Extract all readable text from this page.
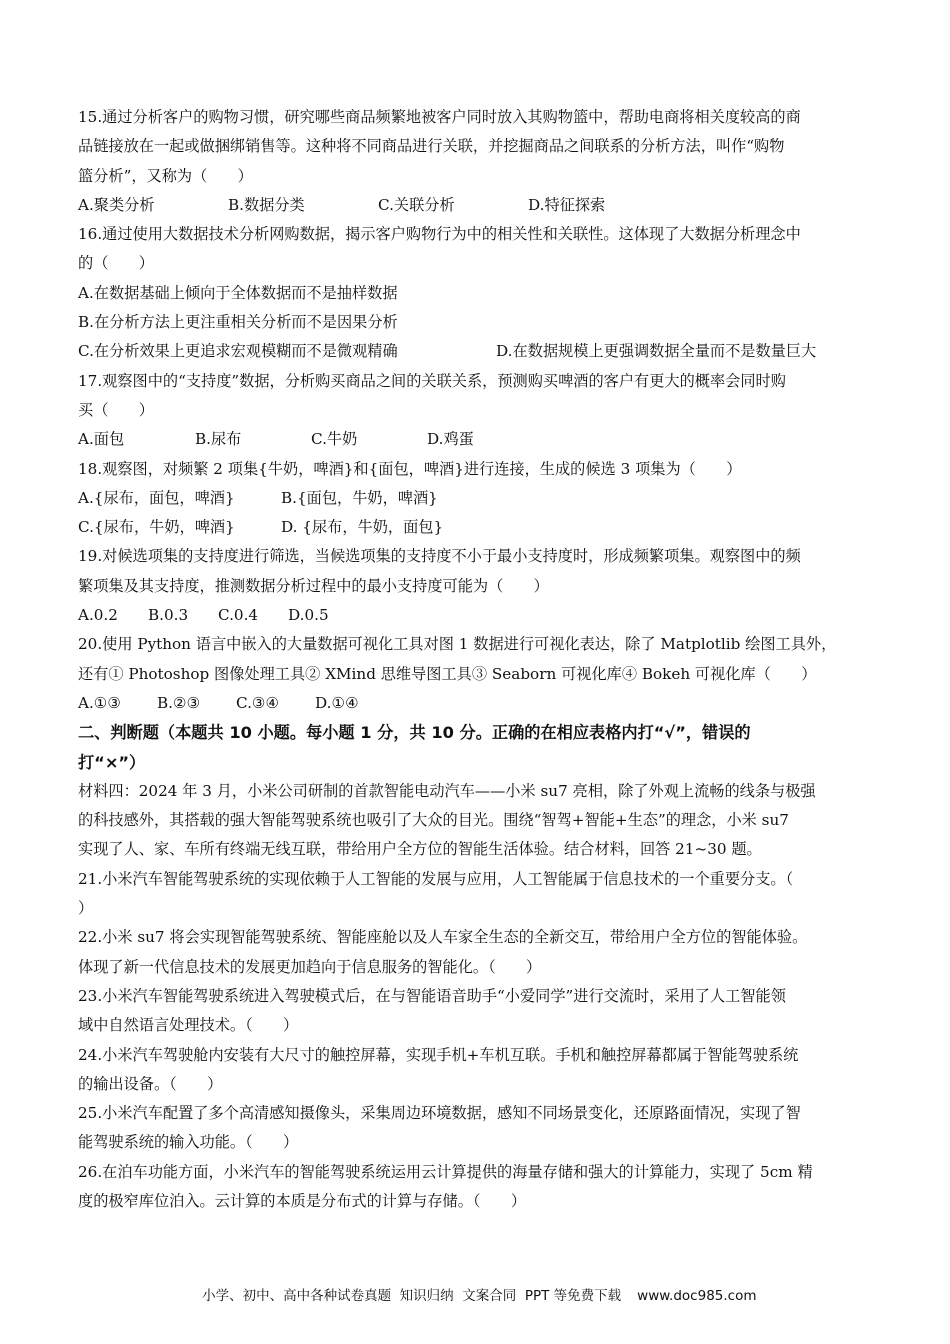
15.通过分析客户的购物习惯，研究哪些商品频繁地被客户同时放入其购物篮中，帮助电商将相关度较高的商
品链接放在一起或做捆绑销售等。这种将不同商品进行关联，并挖掘商品之间联系的分析方法，叫作“购物
篮分析”，又称为（　　）
A.聚类分析	B.数据分类	C.关联分析	D.特征探索
16.通过使用大数据技术分析网购数据，揭示客户购物行为中的相关性和关联性。这体现了大数据分析理念中
的（　　）
A.在数据基础上倾向于全体数据而不是抽样数据
B.在分析方法上更注重相关分析而不是因果分析
C.在分析效果上更追求宏观模糊而不是微观精确	D.在数据规模上更强调数据全量而不是数量巨大
17.观察图中的“支持度”数据，分析购买商品之间的关联关系，预测购买啤酒的客户有更大的概率会同时购
买（　　）
A.面包	B.尿布	C.牛奶	D.鸡蛋
18.观察图，对频繁 2 项集{牛奶，啤酒}和{面包，啤酒}进行连接，生成的候选 3 项集为（　　）
A.{尿布，面包，啤酒}	B.{面包，牛奶，啤酒}
C.{尿布，牛奶，啤酒}	D. {尿布，牛奶，面包}
19.对候选项集的支持度进行筛选，当候选项集的支持度不小于最小支持度时，形成频繁项集。观察图中的频
繁项集及其支持度，推测数据分析过程中的最小支持度可能为（　　）
A.0.2	B.0.3	C.0.4	D.0.5
20.使用 Python 语言中嵌入的大量数据可视化工具对图 1 数据进行可视化表达，除了 Matplotlib 绘图工具外，
还有① Photoshop 图像处理工具② XMind 思维导图工具③ Seaborn 可视化库④ Bokeh 可视化库（　　）
A.①③	B.②③	C.③④	D.①④
二、判断题（本题共 10 小题。每小题 1 分，共 10 分。正确的在相应表格内打“√”，错误的
打“×”）
材料四：2024 年 3 月，小米公司研制的首款智能电动汽车——小米 su7 亮相，除了外观上流畅的线条与极强
的科技感外，其搭载的强大智能驾驶系统也吸引了大众的目光。围绕“智驾+智能+生态”的理念，小米 su7
实现了人、家、车所有终端无线互联，带给用户全方位的智能生活体验。结合材料，回答 21~30 题。
21.小米汽车智能驾驶系统的实现依赖于人工智能的发展与应用，人工智能属于信息技术的一个重要分支。（
）
22.小米 su7 将会实现智能驾驶系统、智能座舱以及人车家全生态的全新交互，带给用户全方位的智能体验。
体现了新一代信息技术的发展更加趋向于信息服务的智能化。（　　）
23.小米汽车智能驾驶系统进入驾驶模式后，在与智能语音助手“小爱同学”进行交流时，采用了人工智能领
域中自然语言处理技术。（　　）
24.小米汽车驾驶舱内安装有大尺寸的触控屏幕，实现手机+车机互联。手机和触控屏幕都属于智能驾驶系统
的输出设备。（　　）
25.小米汽车配置了多个高清感知摄像头，采集周边环境数据，感知不同场景变化，还原路面情况，实现了智
能驾驶系统的输入功能。（　　）
26.在泊车功能方面，小米汽车的智能驾驶系统运用云计算提供的海量存储和强大的计算能力，实现了 5cm 精
度的极窄库位泊入。云计算的本质是分布式的计算与存储。（　　）

小学、初中、高中各种试卷真题  知识归纳  文案合同  PPT 等免费下载 www.doc985.com
